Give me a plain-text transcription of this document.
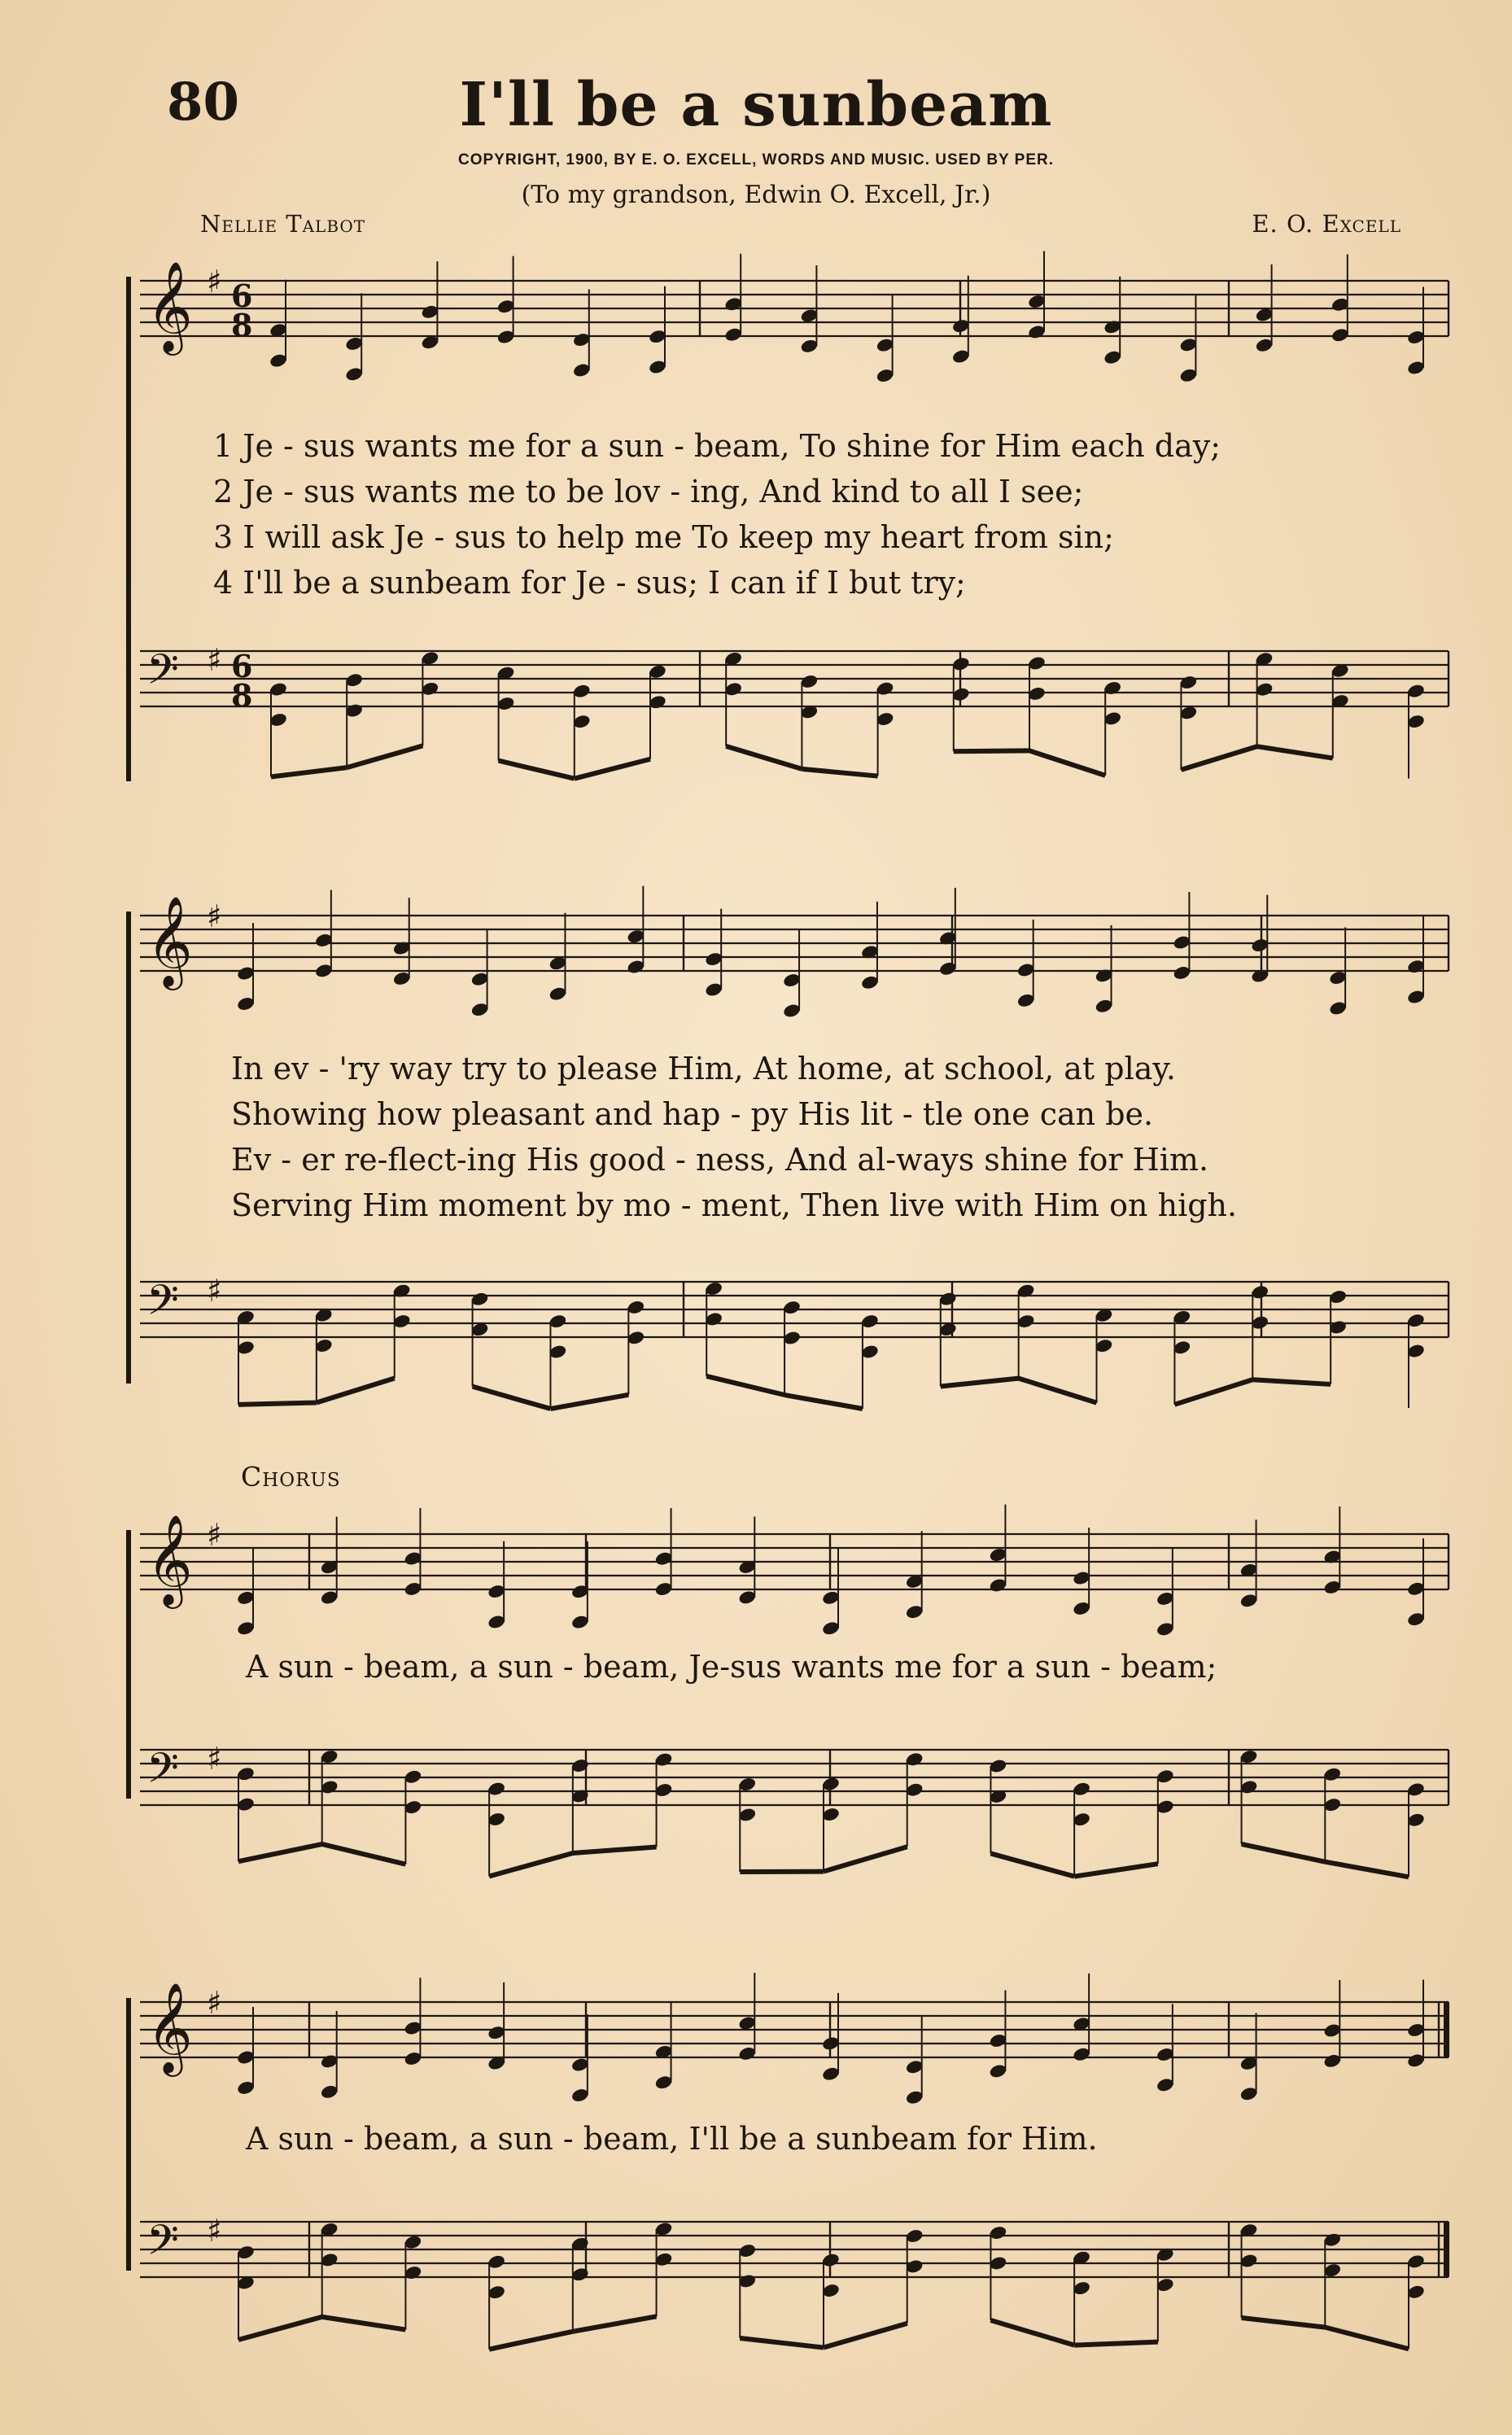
80	I'll be a sunbeam
COPYRIGHT, 1900, BY E. O. EXCELL, WORDS AND MUSIC. USED BY PER.
(To my grandson, Edwin O. Excell, Jr.)
Nellie Talbot	E. O. Excell
Chorus
𝄞 ♯ 6
8
1 Je - sus wants me for a sun - beam, To shine for Him each day;
2 Je - sus wants me to be lov - ing, And kind to all I see;
3 I will ask Je - sus to help me To keep my heart from sin;
4 I'll be a sunbeam for Je - sus; I can if I but try;
𝄢 ♯ 6
8
𝄞 ♯
In ev - 'ry way try to please Him, At home, at school, at play.
Showing how pleasant and hap - py His lit - tle one can be.
Ev - er re-flect-ing His good - ness, And al-ways shine for Him.
Serving Him moment by mo - ment, Then live with Him on high.
𝄢 ♯
𝄞 ♯
A sun - beam, a sun - beam, Je-sus wants me for a sun - beam;
𝄢 ♯
𝄞 ♯
A sun - beam, a sun - beam, I'll be a sunbeam for Him.
𝄢 ♯
